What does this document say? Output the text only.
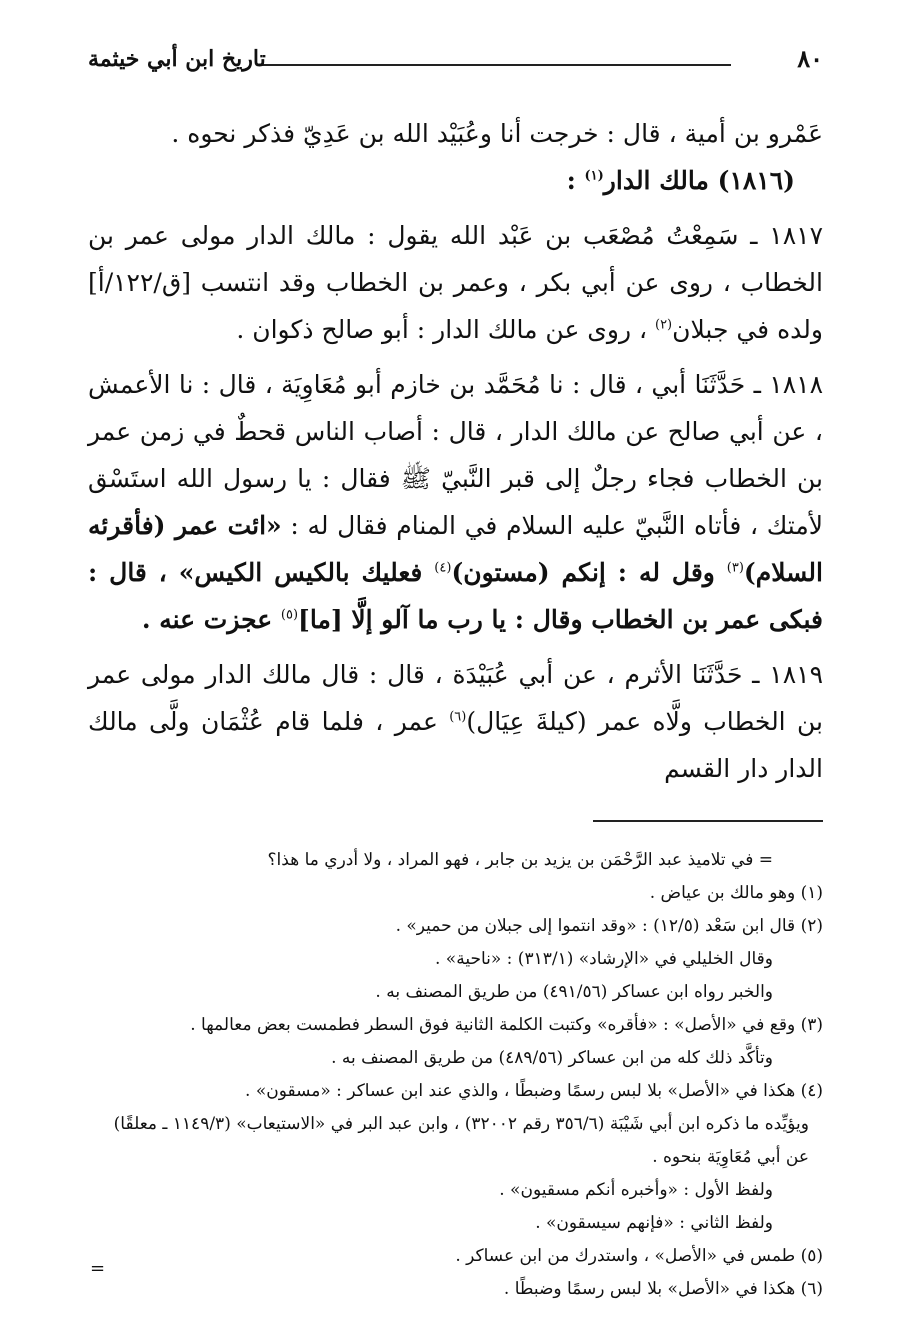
٨٠
تاريخ ابن أبي خيثمة

عَمْرو بن أمية ، قال : خرجت أنا وعُبَيْد الله بن عَدِيّ فذكر نحوه .

(١٨١٦) مالك الدار$^{(١)}$ :

١٨١٧ ـ سَمِعْتُ مُصْعَب بن عَبْد الله يقول : مالك الدار مولى عمر بن الخطاب ، روى عن أبي بكر ، وعمر بن الخطاب وقد انتسب [ق/١٢٢/أ] ولده في جبلان$^{(٢)}$ ، روى عن مالك الدار : أبو صالح ذكوان .

١٨١٨ ـ حَدَّثَنَا أبي ، قال : نا مُحَمَّد بن خازم أبو مُعَاوِيَة ، قال : نا الأعمش ، عن أبي صالح عن مالك الدار ، قال : أصاب الناس قحطٌ في زمن عمر بن الخطاب فجاء رجلٌ إلى قبر النَّبيّ ﷺ فقال : يا رسول الله استَسْق لأمتك ، فأتاه النَّبيّ عليه السلام في المنام فقال له : «ائت عمر (فأقرئه السلام)$^{(٣)}$ وقل له : إنكم (مستون)$^{(٤)}$ فعليك بالكيس الكيس» ، قال : فبكى عمر بن الخطاب وقال : يا رب ما آلو إلَّا [ما]$^{(٥)}$ عجزت عنه .

١٨١٩ ـ حَدَّثَنَا الأثرم ، عن أبي عُبَيْدَة ، قال : قال مالك الدار مولى عمر بن الخطاب ولَّاه عمر (كيلةَ عِيَال)$^{(٦)}$ عمر ، فلما قام عُثْمَان ولَّى مالك الدار دار القسم

= في تلاميذ عبد الرَّحْمَن بن يزيد بن جابر ، فهو المراد ، ولا أدري ما هذا؟

(١) وهو مالك بن عياض .

(٢) قال ابن سَعْد (١٢/٥) : «وقد انتموا إلى جبلان من حمير» .

وقال الخليلي في «الإرشاد» (٣١٣/١) : «ناحية» .

والخبر رواه ابن عساكر (٤٩١/٥٦) من طريق المصنف به .

(٣) وقع في «الأصل» : «فأقره» وكتبت الكلمة الثانية فوق السطر فطمست بعض معالمها .

وتأكَّد ذلك كله من ابن عساكر (٤٨٩/٥٦) من طريق المصنف به .

(٤) هكذا في «الأصل» بلا لبس رسمًا وضبطًا ، والذي عند ابن عساكر : «مسقون» .

ويؤيِّده ما ذكره ابن أبي شَيْبَة (٣٥٦/٦ رقم ٣٢٠٠٢) ، وابن عبد البر في «الاستيعاب» (١١٤٩/٣ ـ معلقًا) عن أبي مُعَاوِيَة بنحوه .

ولفظ الأول : «وأخبره أنكم مسقيون» .

ولفظ الثاني : «فإنهم سيسقون» .

(٥) طمس في «الأصل» ، واستدرك من ابن عساكر .

(٦) هكذا في «الأصل» بلا لبس رسمًا وضبطًا .

=
